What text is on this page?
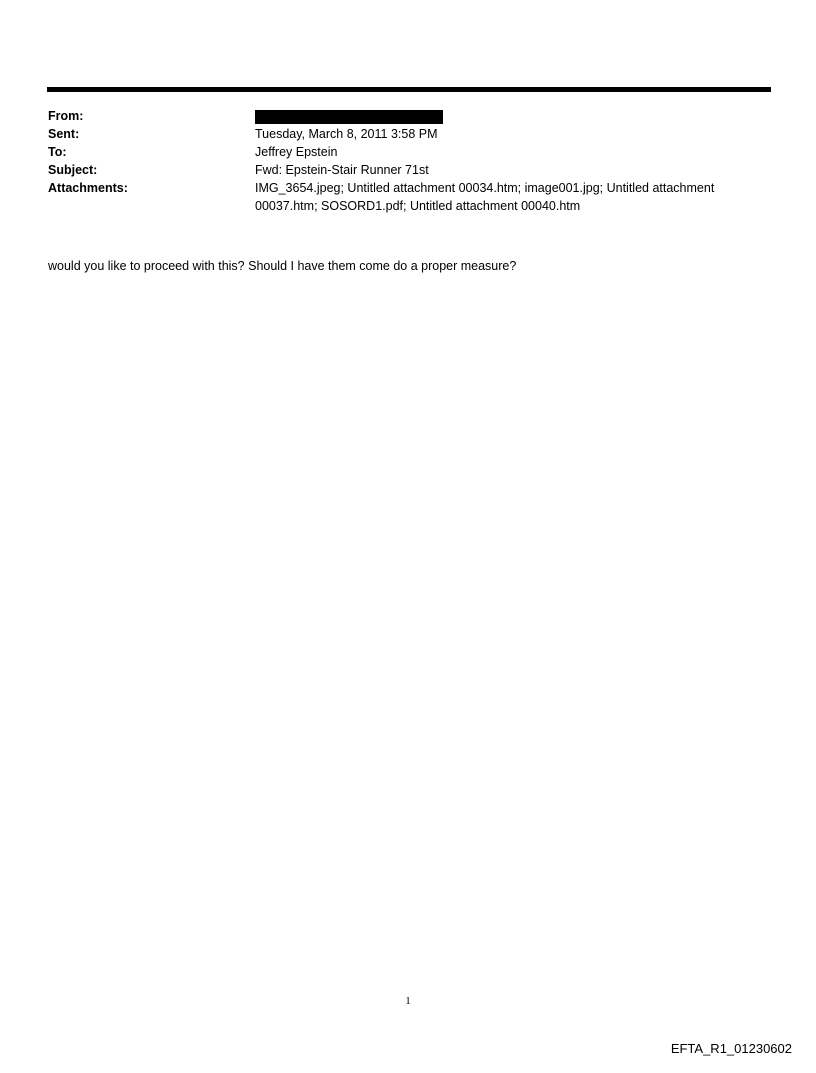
From:
Sent:	Tuesday, March 8, 2011 3:58 PM
To:	Jeffrey Epstein
Subject:	Fwd: Epstein-Stair Runner 71st
Attachments:	IMG_3654.jpeg; Untitled attachment 00034.htm; image001.jpg; Untitled attachment 00037.htm; SOSORD1.pdf; Untitled attachment 00040.htm
would you like to proceed with this? Should I have them come do a proper measure?
1
EFTA_R1_01230602
